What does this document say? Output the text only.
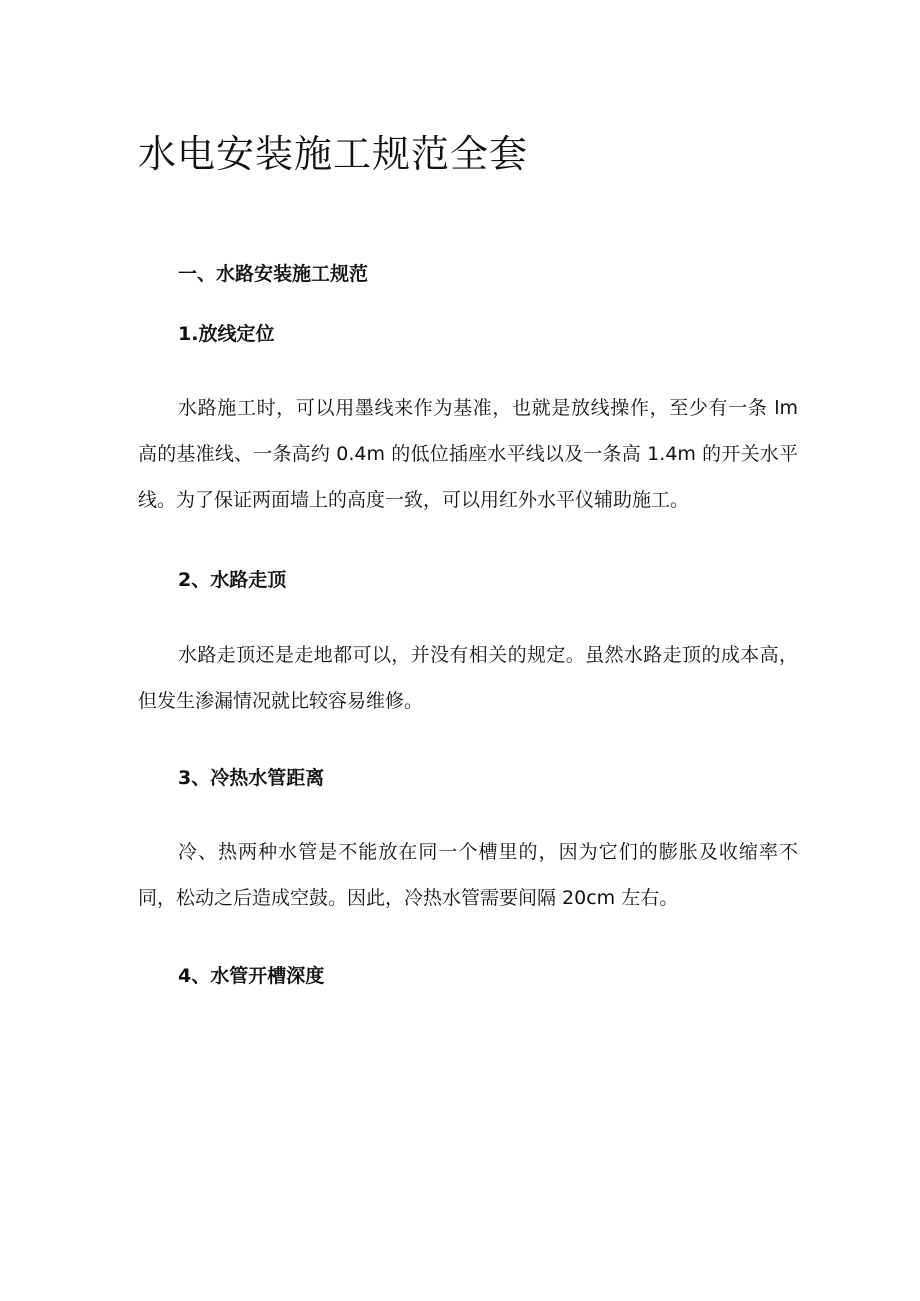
水电安装施工规范全套
一、水路安装施工规范
1.放线定位

水路施工时，可以用墨线来作为基准，也就是放线操作，至少有一条 lm 高的基准线、一条高约 0.4m 的低位插座水平线以及一条高 1.4m 的开关水平线。为了保证两面墙上的高度一致，可以用红外水平仪辅助施工。

2、水路走顶

水路走顶还是走地都可以，并没有相关的规定。虽然水路走顶的成本高，但发生渗漏情况就比较容易维修。

3、冷热水管距离

冷、热两种水管是不能放在同一个槽里的，因为它们的膨胀及收缩率不同，松动之后造成空鼓。因此，冷热水管需要间隔 20cm 左右。

4、水管开槽深度
